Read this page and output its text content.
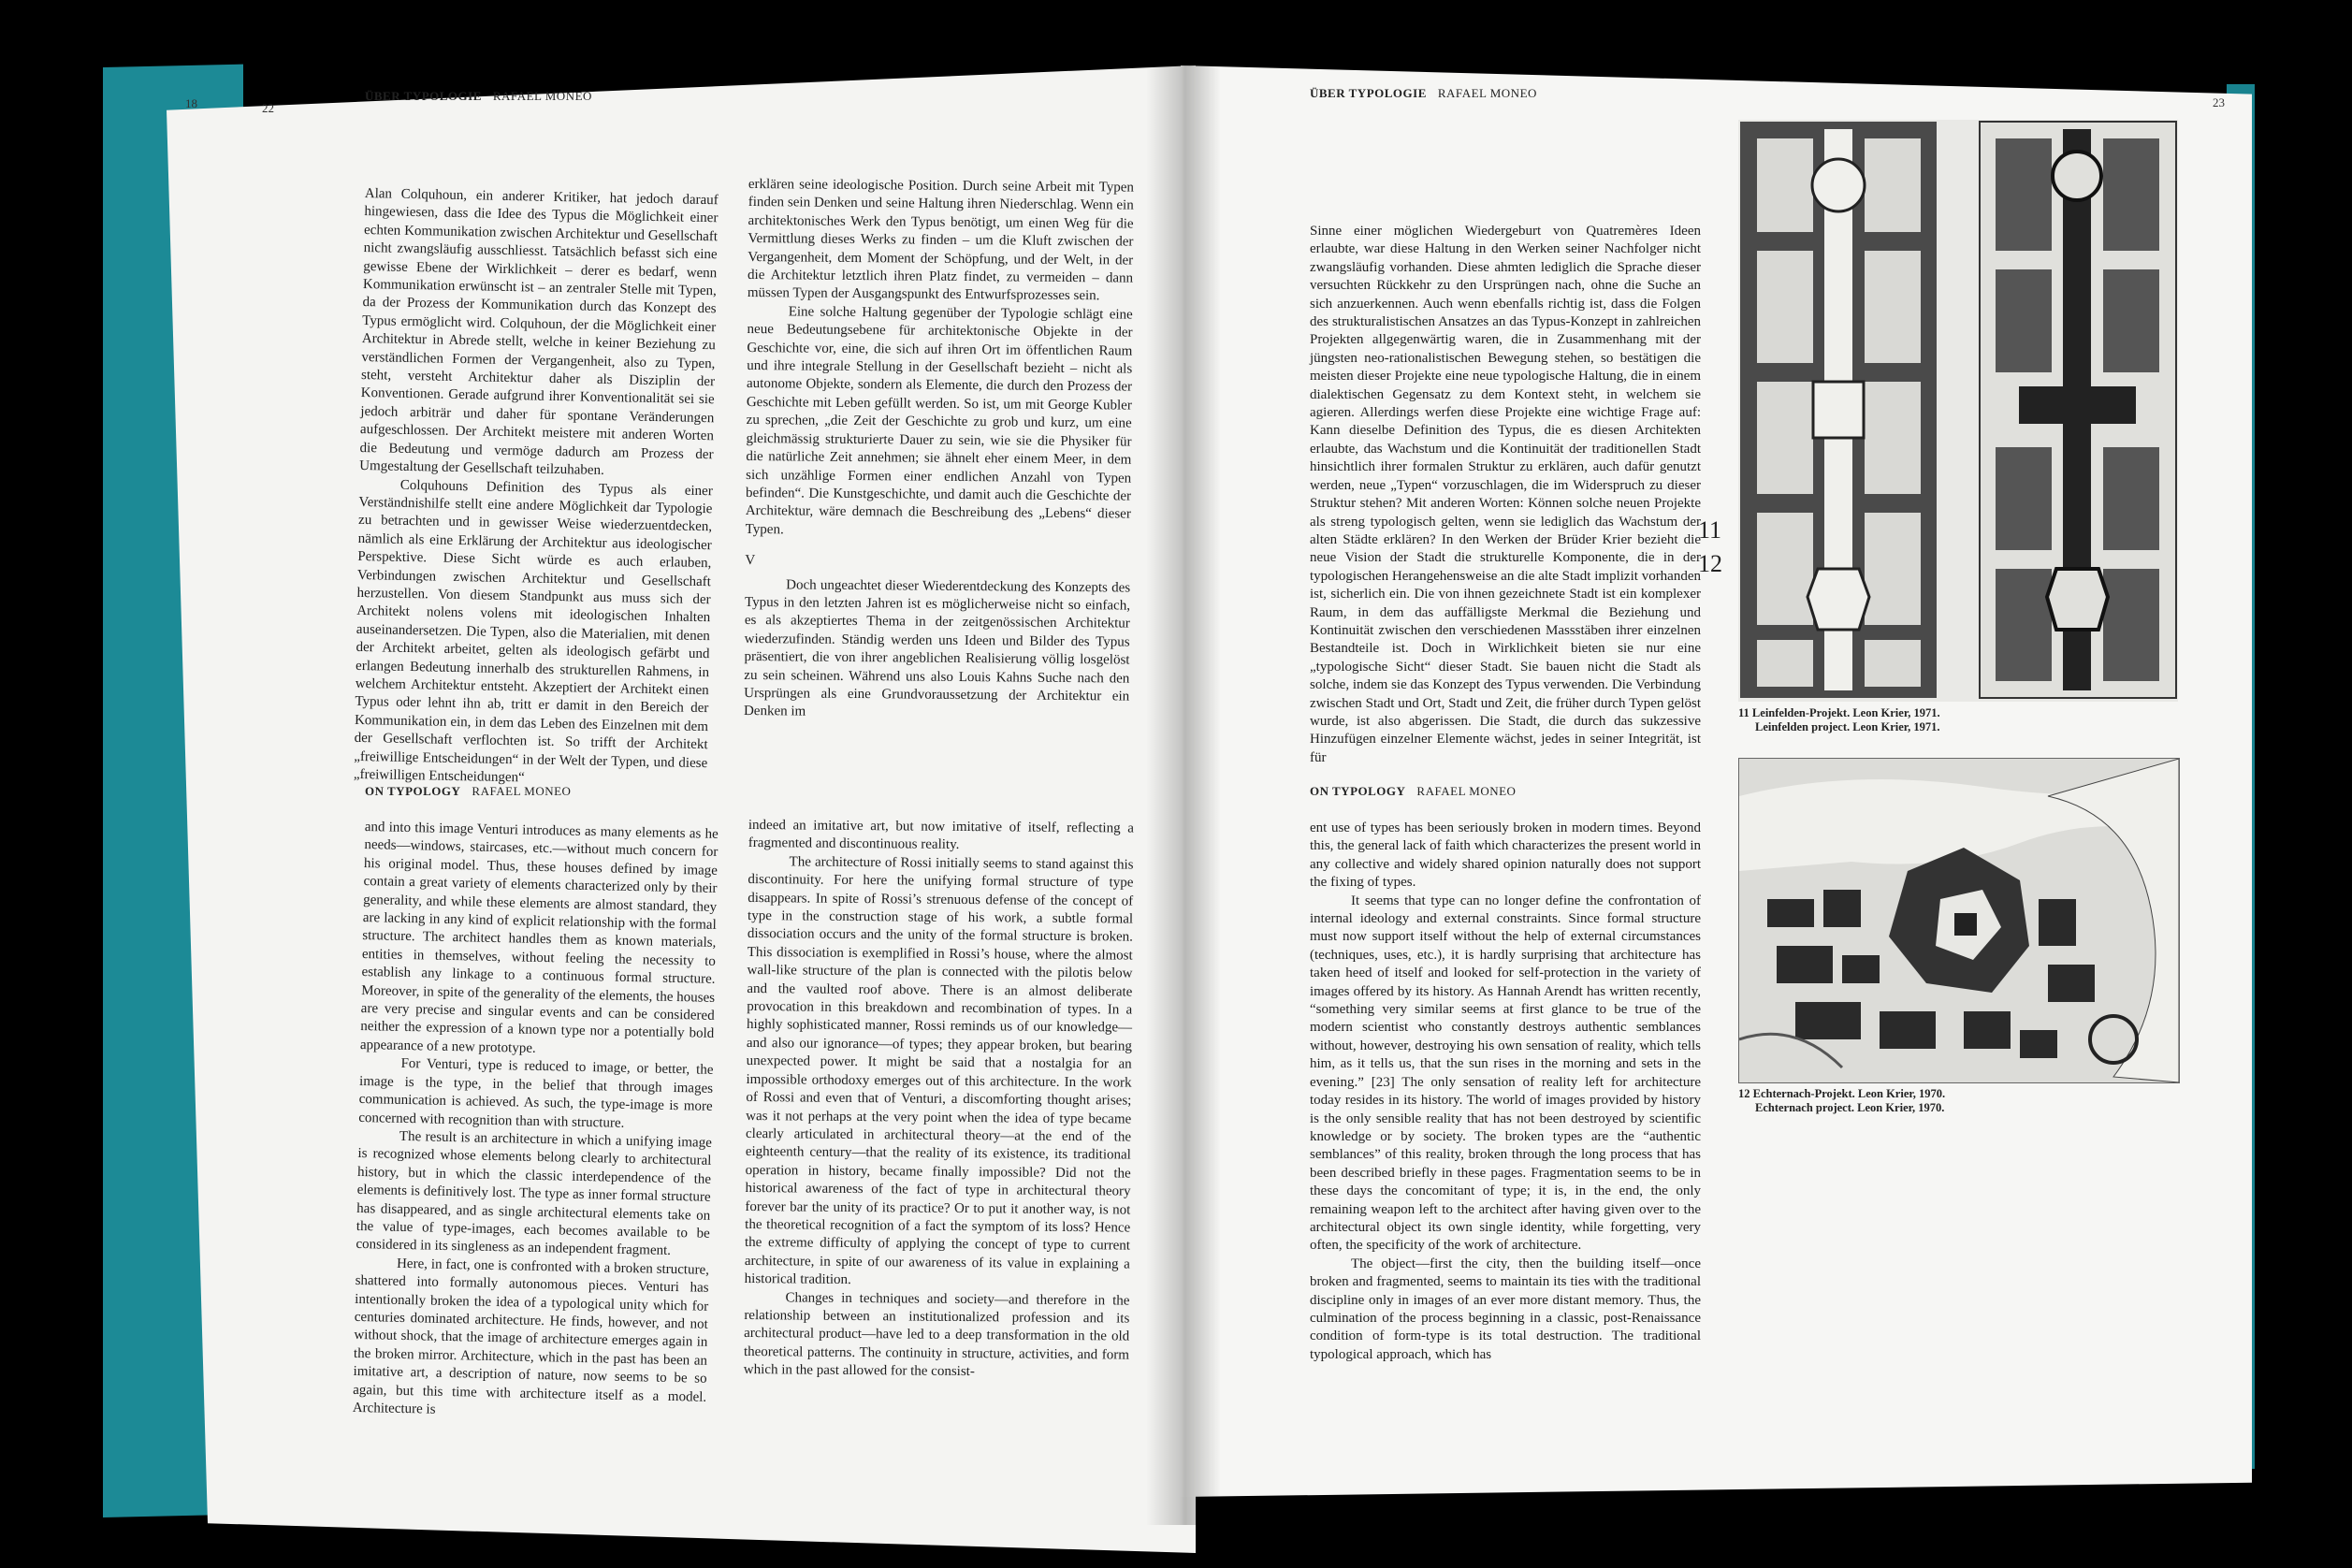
18	22
ÜBER TYPOLOGIE RAFAEL MONEO

Alan Colquhoun, ein anderer Kritiker, hat jedoch darauf hingewiesen, dass die Idee des Typus die Möglichkeit einer echten Kommunikation zwischen Architektur und Gesellschaft nicht zwangsläufig ausschliesst. Tatsächlich befasst sich eine gewisse Ebene der Wirklichkeit – derer es bedarf, wenn Kommunikation erwünscht ist – an zentraler Stelle mit Typen, da der Prozess der Kommunikation durch das Konzept des Typus ermöglicht wird. Colquhoun, der die Möglichkeit einer Architektur in Abrede stellt, welche in keiner Beziehung zu verständlichen Formen der Vergangenheit, also zu Typen, steht, versteht Architektur daher als Disziplin der Konventionen. Gerade aufgrund ihrer Konventionalität sei sie jedoch arbiträr und daher für spontane Veränderungen aufgeschlossen. Der Architekt meistere mit anderen Worten die Bedeutung und vermöge dadurch am Prozess der Umgestaltung der Gesellschaft teilzuhaben.

Colquhouns Definition des Typus als einer Verständnishilfe stellt eine andere Möglichkeit dar Typologie zu betrachten und in gewisser Weise wiederzuentdecken, nämlich als eine Erklärung der Architektur aus ideologischer Perspektive. Diese Sicht würde es auch erlauben, Verbindungen zwischen Architektur und Gesellschaft herzustellen. Von diesem Standpunkt aus muss sich der Architekt nolens volens mit ideologischen Inhalten auseinandersetzen. Die Typen, also die Materialien, mit denen der Architekt arbeitet, gelten als ideologisch gefärbt und erlangen Bedeutung innerhalb des strukturellen Rahmens, in welchem Architektur entsteht. Akzeptiert der Architekt einen Typus oder lehnt ihn ab, tritt er damit in den Bereich der Kommunikation ein, in dem das Leben des Einzelnen mit dem der Gesellschaft verflochten ist. So trifft der Architekt „freiwillige Entscheidungen“ in der Welt der Typen, und diese „freiwilligen Entscheidungen“

erklären seine ideologische Position. Durch seine Arbeit mit Typen finden sein Denken und seine Haltung ihren Niederschlag. Wenn ein architektonisches Werk den Typus benötigt, um einen Weg für die Vermittlung dieses Werks zu finden – um die Kluft zwischen der Vergangenheit, dem Moment der Schöpfung, und der Welt, in der die Architektur letztlich ihren Platz findet, zu vermeiden – dann müssen Typen der Ausgangspunkt des Entwurfsprozesses sein.

Eine solche Haltung gegenüber der Typologie schlägt eine neue Bedeutungsebene für architektonische Objekte in der Geschichte vor, eine, die sich auf ihren Ort im öffentlichen Raum und ihre integrale Stellung in der Gesellschaft bezieht – nicht als autonome Objekte, sondern als Elemente, die durch den Prozess der Geschichte mit Leben gefüllt werden. So ist, um mit George Kubler zu sprechen, „die Zeit der Geschichte zu grob und kurz, um eine gleichmässig strukturierte Dauer zu sein, wie sie die Physiker für die natürliche Zeit annehmen; sie ähnelt eher einem Meer, in dem sich unzählige Formen einer endlichen Anzahl von Typen befinden“. Die Kunstgeschichte, und damit auch die Geschichte der Architektur, wäre demnach die Beschreibung des „Lebens“ dieser Typen.

V

Doch ungeachtet dieser Wiederentdeckung des Konzepts des Typus in den letzten Jahren ist es möglicherweise nicht so einfach, es als akzeptiertes Thema in der zeitgenössischen Architektur wiederzufinden. Ständig werden uns Ideen und Bilder des Typus präsentiert, die von ihrer angeblichen Realisierung völlig losgelöst zu sein scheinen. Während uns also Louis Kahns Suche nach den Ursprüngen als eine Grundvoraussetzung der Architektur ein Denken im

ON TYPOLOGY RAFAEL MONEO

and into this image Venturi introduces as many elements as he needs—windows, staircases, etc.—without much concern for his original model. Thus, these houses defined by image contain a great variety of elements characterized only by their generality, and while these elements are almost standard, they are lacking in any kind of explicit relationship with the formal structure. The architect handles them as known materials, entities in themselves, without feeling the necessity to establish any linkage to a continuous formal structure. Moreover, in spite of the generality of the elements, the houses are very precise and singular events and can be considered neither the expression of a known type nor a potentially bold appearance of a new prototype.

For Venturi, type is reduced to image, or better, the image is the type, in the belief that through images communication is achieved. As such, the type-image is more concerned with recognition than with structure.

The result is an architecture in which a unifying image is recognized whose elements belong clearly to architectural history, but in which the classic interdependence of the elements is definitively lost. The type as inner formal structure has disappeared, and as single architectural elements take on the value of type-images, each becomes available to be considered in its singleness as an independent fragment.

Here, in fact, one is confronted with a broken structure, shattered into formally autonomous pieces. Venturi has intentionally broken the idea of a typological unity which for centuries dominated architecture. He finds, however, and not without shock, that the image of architecture emerges again in the broken mirror. Architecture, which in the past has been an imitative art, a description of nature, now seems to be so again, but this time with architecture itself as a model. Architecture is

indeed an imitative art, but now imitative of itself, reflecting a fragmented and discontinuous reality.

The architecture of Rossi initially seems to stand against this discontinuity. For here the unifying formal structure of type disappears. In spite of Rossi’s strenuous defense of the concept of type in the construction stage of his work, a subtle formal dissociation occurs and the unity of the formal structure is broken. This dissociation is exemplified in Rossi’s house, where the almost wall-like structure of the plan is connected with the pilotis below and the vaulted roof above. There is an almost deliberate provocation in this breakdown and recombination of types. In a highly sophisticated manner, Rossi reminds us of our knowledge—and also our ignorance—of types; they appear broken, but bearing unexpected power. It might be said that a nostalgia for an impossible orthodoxy emerges out of this architecture. In the work of Rossi and even that of Venturi, a discomforting thought arises; was it not perhaps at the very point when the idea of type became clearly articulated in architectural theory—at the end of the eighteenth century—that the reality of its existence, its traditional operation in history, became finally impossible? Did not the historical awareness of the fact of type in architectural theory forever bar the unity of its practice? Or to put it another way, is not the theoretical recognition of a fact the symptom of its loss? Hence the extreme difficulty of applying the concept of type to current architecture, in spite of our awareness of its value in explaining a historical tradition.

Changes in techniques and society—and therefore in the relationship between an institutionalized profession and its architectural product—have led to a deep transformation in the old theoretical patterns. The continuity in structure, activities, and form which in the past allowed for the consist-

ÜBER TYPOLOGIE RAFAEL MONEO
23

Sinne einer möglichen Wiedergeburt von Quatremères Ideen erlaubte, war diese Haltung in den Werken seiner Nachfolger nicht zwangsläufig vorhanden. Diese ahmten lediglich die Sprache dieser versuchten Rückkehr zu den Ursprüngen nach, ohne die Suche an sich anzuerkennen. Auch wenn ebenfalls richtig ist, dass die Folgen des strukturalistischen Ansatzes an das Typus-Konzept in zahlreichen Projekten allgegenwärtig waren, die in Zusammenhang mit der jüngsten neo-rationalistischen Bewegung stehen, so bestätigen die meisten dieser Projekte eine neue typologische Haltung, die in einem dialektischen Gegensatz zu dem Kontext steht, in welchem sie agieren. Allerdings werfen diese Projekte eine wichtige Frage auf: Kann dieselbe Definition des Typus, die es diesen Architekten erlaubte, das Wachstum und die Kontinuität der traditionellen Stadt hinsichtlich ihrer formalen Struktur zu erklären, auch dafür genutzt werden, neue „Typen“ vorzuschlagen, die im Widerspruch zu dieser Struktur stehen? Mit anderen Worten: Können solche neuen Projekte als streng typologisch gelten, wenn sie lediglich das Wachstum der alten Städte erklären? In den Werken der Brüder Krier bezieht die neue Vision der Stadt die strukturelle Komponente, die in der typologischen Herangehensweise an die alte Stadt implizit vorhanden ist, sicherlich ein. Die von ihnen gezeichnete Stadt ist ein komplexer Raum, in dem das auffälligste Merkmal die Beziehung und Kontinuität zwischen den verschiedenen Massstäben ihrer einzelnen Bestandteile ist. Doch in Wirklichkeit bieten sie nur eine „typologische Sicht“ dieser Stadt. Sie bauen nicht die Stadt als solche, indem sie das Konzept des Typus verwenden. Die Verbindung zwischen Stadt und Ort, Stadt und Zeit, die früher durch Typen gelöst wurde, ist also abgerissen. Die Stadt, die durch das sukzessive Hinzufügen einzelner Elemente wächst, jedes in seiner Integrität, ist für

11
12
11 Leinfelden-Projekt. Leon Krier, 1971.
Leinfelden project. Leon Krier, 1971.
ON TYPOLOGY RAFAEL MONEO

ent use of types has been seriously broken in modern times. Beyond this, the general lack of faith which characterizes the present world in any collective and widely shared opinion naturally does not support the fixing of types.

It seems that type can no longer define the confrontation of internal ideology and external constraints. Since formal structure must now support itself without the help of external circumstances (techniques, uses, etc.), it is hardly surprising that architecture has taken heed of itself and looked for self-protection in the variety of images offered by its history. As Hannah Arendt has written recently, “something very similar seems at first glance to be true of the modern scientist who constantly destroys authentic semblances without, however, destroying his own sensation of reality, which tells him, as it tells us, that the sun rises in the morning and sets in the evening.” [23] The only sensation of reality left for architecture today resides in its history. The world of images provided by history is the only sensible reality that has not been destroyed by scientific knowledge or by society. The broken types are the “authentic semblances” of this reality, broken through the long process that has been described briefly in these pages. Fragmentation seems to be in these days the concomitant of type; it is, in the end, the only remaining weapon left to the architect after having given over to the architectural object its own single identity, while forgetting, very often, the specificity of the work of architecture.

The object—first the city, then the building itself—once broken and fragmented, seems to maintain its ties with the traditional discipline only in images of an ever more distant memory. Thus, the culmination of the process beginning in a classic, post-Renaissance condition of form-type is its total destruction. The traditional typological approach, which has

12 Echternach-Projekt. Leon Krier, 1970.
Echternach project. Leon Krier, 1970.
